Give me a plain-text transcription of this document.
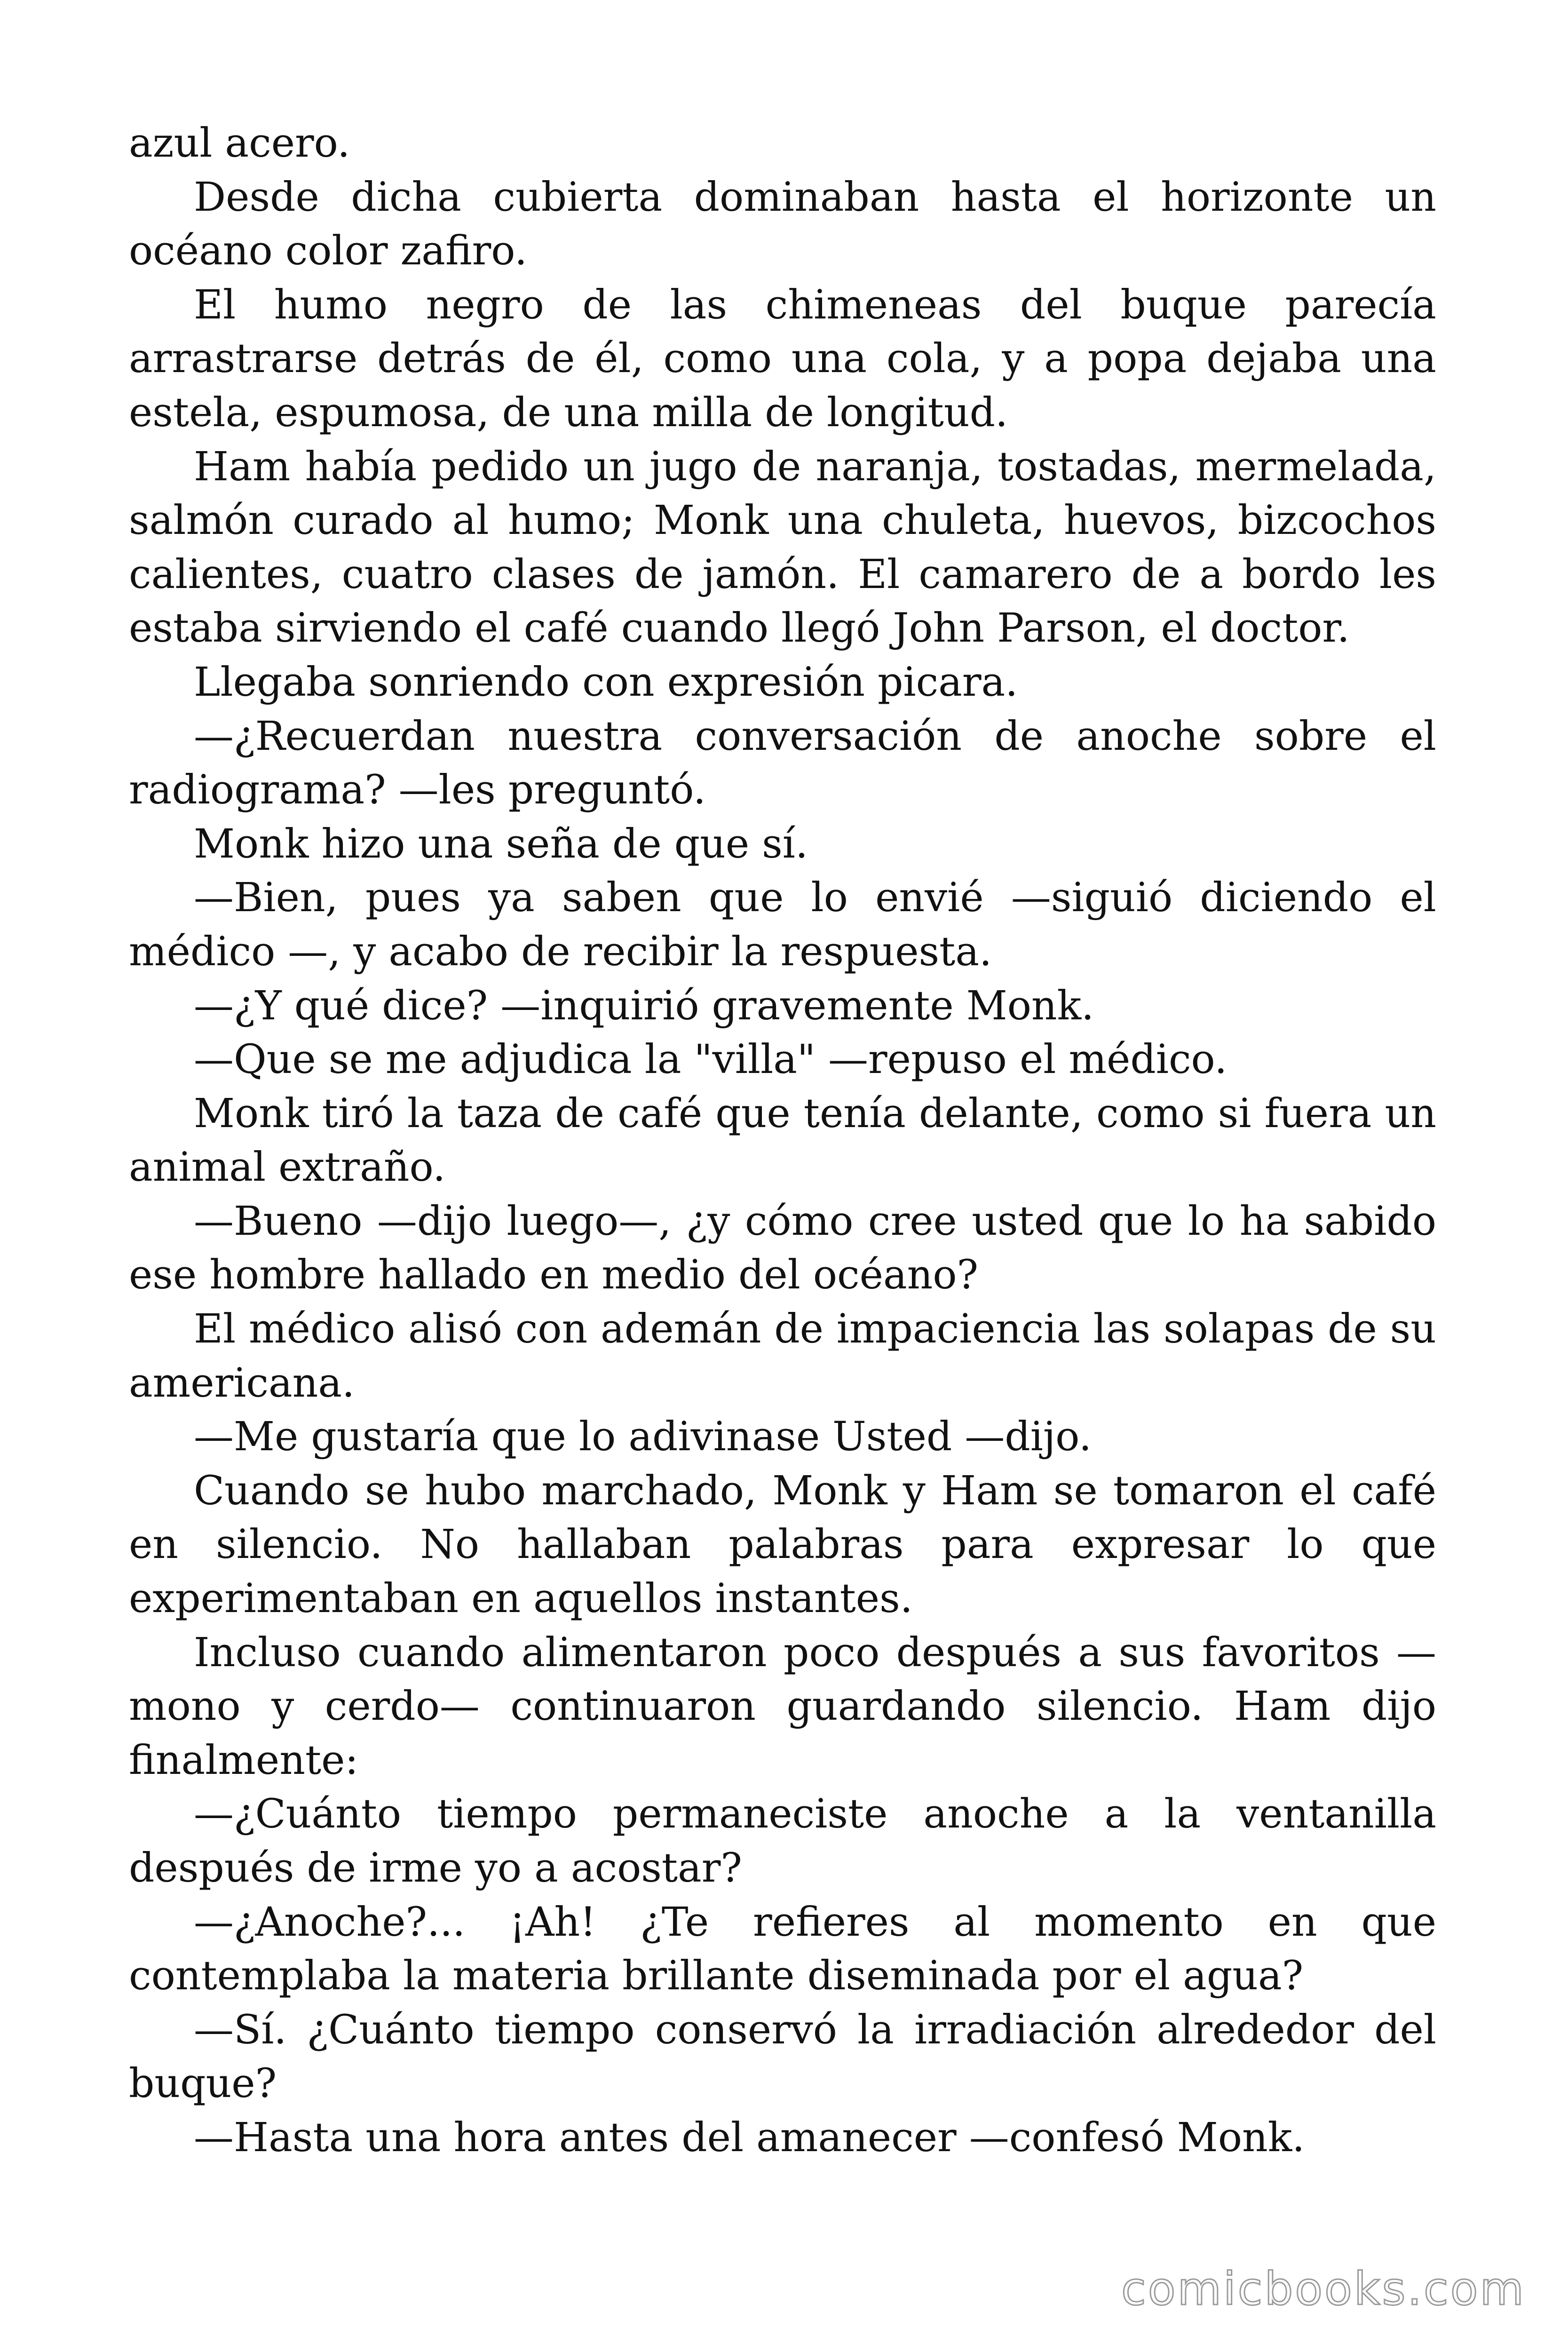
azul acero.

Desde dicha cubierta dominaban hasta el horizonte un océano color zafiro.

El humo negro de las chimeneas del buque parecía arrastrarse detrás de él, como una cola, y a popa dejaba una estela, espumosa, de una milla de longitud.

Ham había pedido un jugo de naranja, tostadas, mermelada, salmón curado al humo; Monk una chuleta, huevos, bizcochos calientes, cuatro clases de jamón. El camarero de a bordo les estaba sirviendo el café cuando llegó John Parson, el doctor.

Llegaba sonriendo con expresión picara.

—¿Recuerdan nuestra conversación de anoche sobre el radiograma? —les preguntó.

Monk hizo una seña de que sí.

—Bien, pues ya saben que lo envié —siguió diciendo el médico —, y acabo de recibir la respuesta.

—¿Y qué dice? —inquirió gravemente Monk.

—Que se me adjudica la "villa" —repuso el médico.

Monk tiró la taza de café que tenía delante, como si fuera un animal extraño.

—Bueno —dijo luego—, ¿y cómo cree usted que lo ha sabido ese hombre hallado en medio del océano?

El médico alisó con ademán de impaciencia las solapas de su americana.

—Me gustaría que lo adivinase Usted —dijo.

Cuando se hubo marchado, Monk y Ham se tomaron el café en silencio. No hallaban palabras para expresar lo que experimentaban en aquellos instantes.

Incluso cuando alimentaron poco después a sus favoritos — mono y cerdo— continuaron guardando silencio. Ham dijo finalmente:

—¿Cuánto tiempo permaneciste anoche a la ventanilla después de irme yo a acostar?

—¿Anoche?... ¡Ah! ¿Te refieres al momento en que contemplaba la materia brillante diseminada por el agua?

—Sí. ¿Cuánto tiempo conservó la irradiación alrededor del buque?

—Hasta una hora antes del amanecer —confesó Monk.

comicbooks.com
